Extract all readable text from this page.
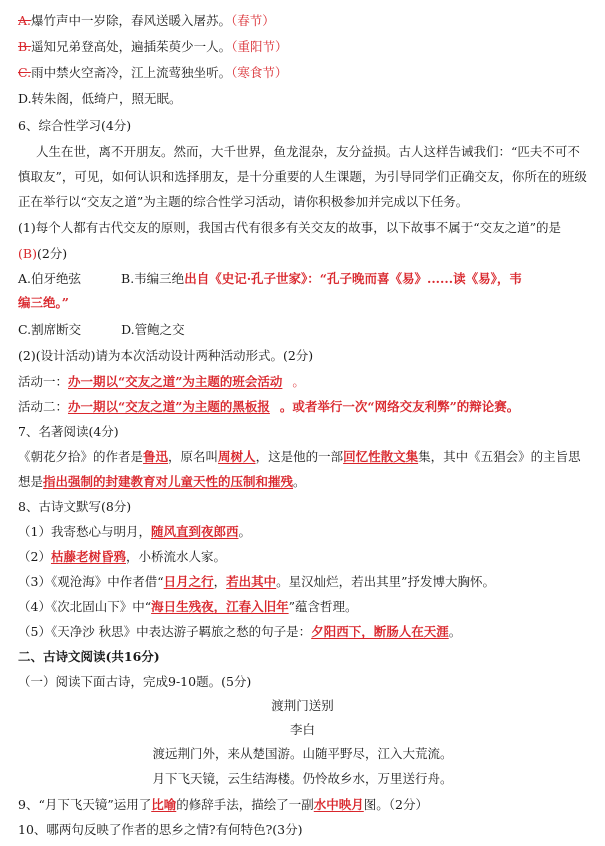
A.爆竹声中一岁除，春风送暖入屠苏。（春节）
B.遥知兄弟登高处，遍插茱萸少一人。（重阳节）
C.雨中禁火空斋冷，江上流莺独坐听。（寒食节）
D.转朱阁，低绮户，照无眠。
6、综合性学习(4分)
人生在世，离不开朋友。然而，大千世界，鱼龙混杂，友分益损。古人这样告诫我们：“匹夫不可不
慎取友”，可见，如何认识和选择朋友，是十分重要的人生课题，为引导同学们正确交友，你所在的班级
正在举行以“交友之道”为主题的综合性学习活动，请你积极参加并完成以下任务。
(1)每个人都有古代交友的原则，我国古代有很多有关交友的故事，以下故事不属于“交友之道”的是
(B)(2分)
A.伯牙绝弦	B.韦编三绝出自《史记·孔子世家》：“孔子晚而喜《易》......读《易》，韦
编三绝。”
C.割席断交	D.管鲍之交
(2)(设计活动)请为本次活动设计两种活动形式。(2分)
活动一：办一期以“交友之道”为主题的班会活动 。
活动二：办一期以“交友之道”为主题的黑板报 。或者举行一次“网络交友利弊”的辩论赛。
7、名著阅读(4分)
《朝花夕拾》的作者是鲁迅，原名叫周树人，这是他的一部回忆性散文集集，其中《五猖会》的主旨思
想是指出强制的封建教育对儿童天性的压制和摧残。
8、古诗文默写(8分)
（1）我寄愁心与明月，随风直到夜郎西。
（2）枯藤老树昏鸦，小桥流水人家。
（3）《观沧海》中作者借“日月之行，若出其中。星汉灿烂，若出其里”抒发博大胸怀。
（4）《次北固山下》中“海日生残夜，江春入旧年”蕴含哲理。
（5）《天净沙 秋思》中表达游子羁旅之愁的句子是：夕阳西下，断肠人在天涯。
二、古诗文阅读(共16分)
（一）阅读下面古诗，完成9-10题。(5分)
渡荆门送别
李白
渡远荆门外，来从楚国游。山随平野尽，江入大荒流。
月下飞天镜，云生结海楼。仍怜故乡水，万里送行舟。
9、“月下飞天镜”运用了比喻的修辞手法，描绘了一副水中映月图。（2分）
10、哪两句反映了作者的思乡之情?有何特色?(3分)
